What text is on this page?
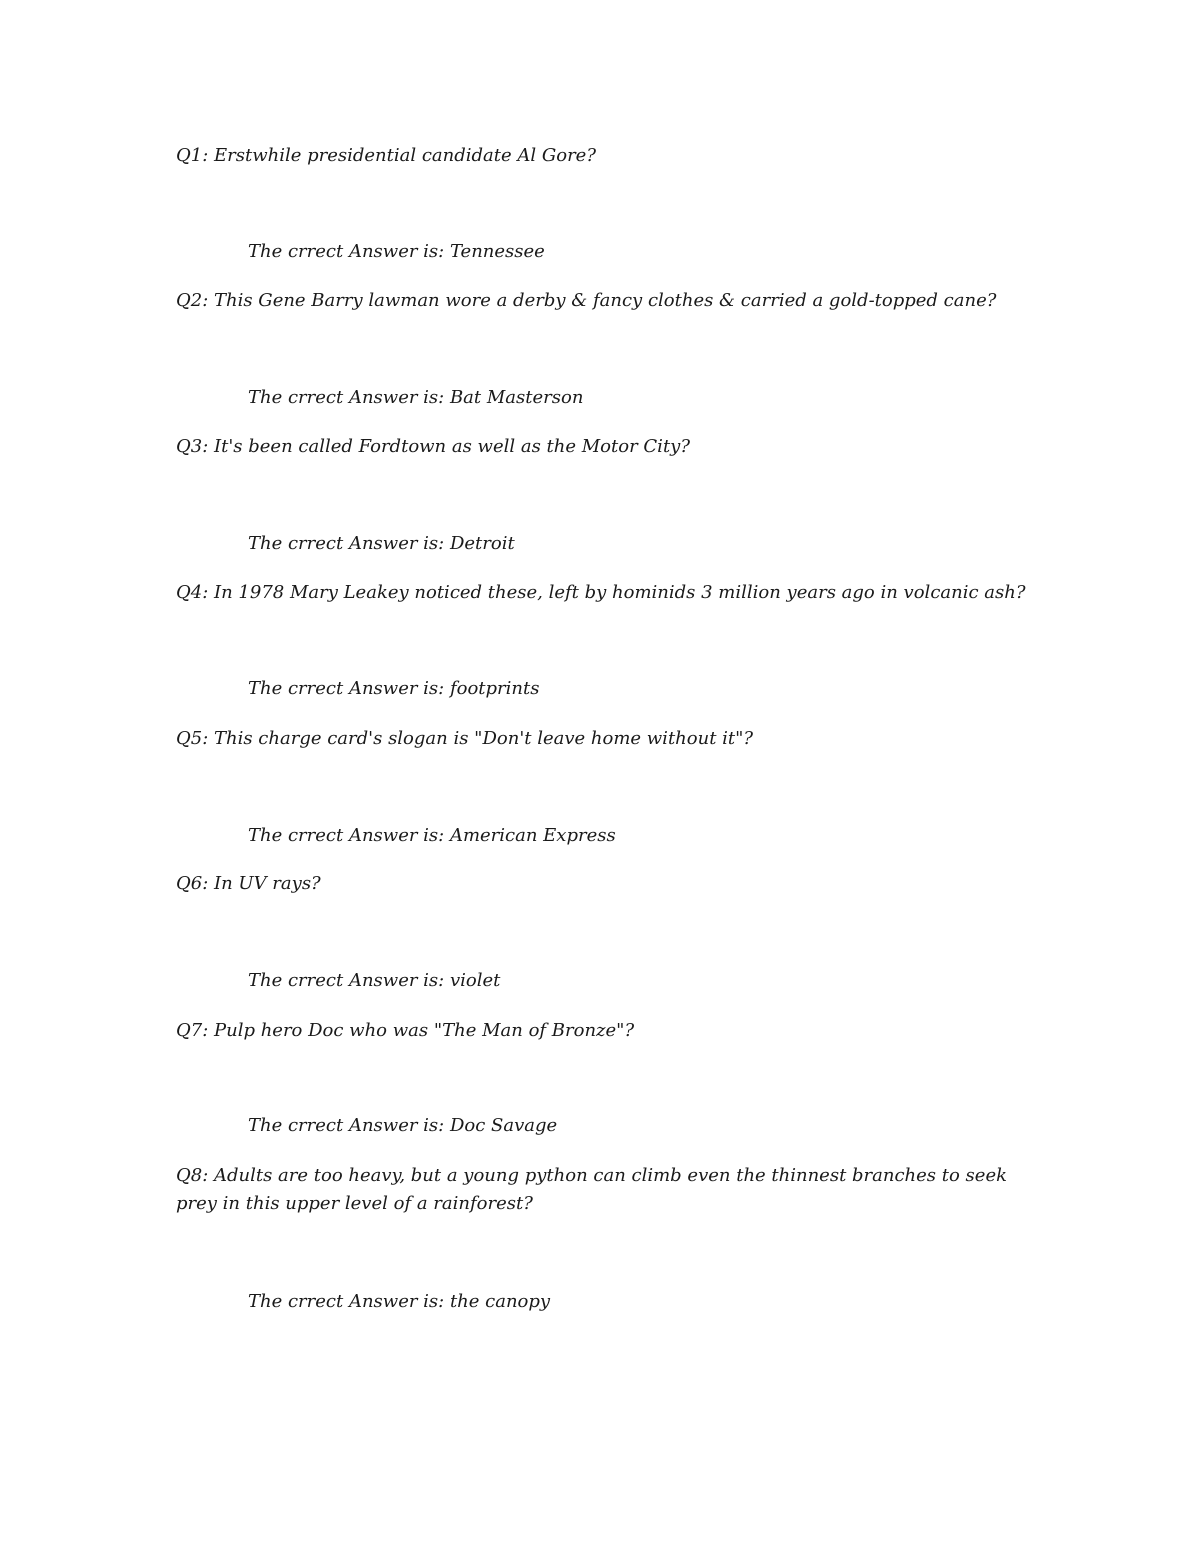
Q1: Erstwhile presidential candidate Al Gore?
The crrect Answer is: Tennessee
Q2: This Gene Barry lawman wore a derby & fancy clothes & carried a gold-topped cane?
The crrect Answer is: Bat Masterson
Q3: It's been called Fordtown as well as the Motor City?
The crrect Answer is: Detroit
Q4: In 1978 Mary Leakey noticed these, left by hominids 3 million years ago in volcanic ash?
The crrect Answer is: footprints
Q5: This charge card's slogan is "Don't leave home without it"?
The crrect Answer is: American Express
Q6: In UV rays?
The crrect Answer is: violet
Q7: Pulp hero Doc who was "The Man of Bronze"?
The crrect Answer is: Doc Savage
Q8: Adults are too heavy, but a young python can climb even the thinnest branches to seek prey in this upper level of a rainforest?
The crrect Answer is: the canopy
